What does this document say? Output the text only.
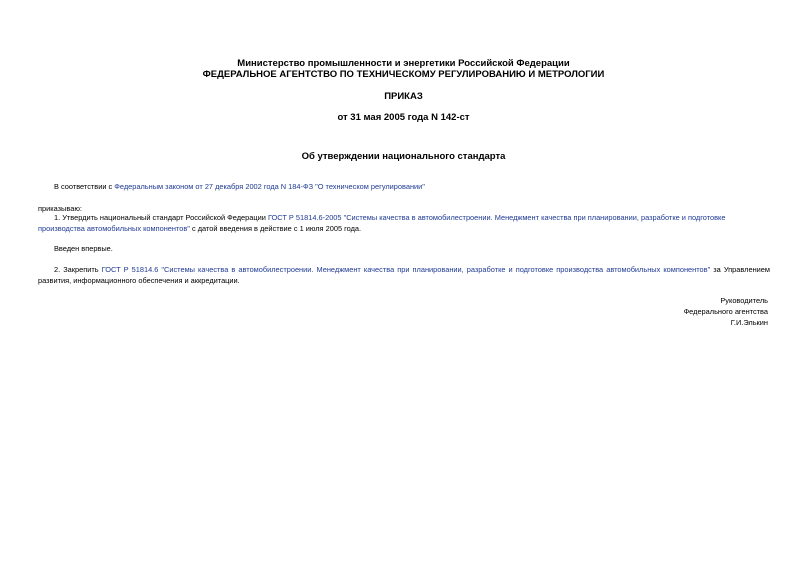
Министерство промышленности и энергетики Российской Федерации
ФЕДЕРАЛЬНОЕ АГЕНТСТВО ПО ТЕХНИЧЕСКОМУ РЕГУЛИРОВАНИЮ И МЕТРОЛОГИИ
ПРИКАЗ
от 31 мая 2005 года N 142-ст
Об утверждении национального стандарта
В соответствии с Федеральным законом от 27 декабря 2002 года N 184-ФЗ "О техническом регулировании"
приказываю:
1. Утвердить национальный стандарт Российской Федерации ГОСТ Р 51814.6-2005 "Системы качества в автомобилестроении. Менеджмент качества при планировании, разработке и подготовке производства автомобильных компонентов" с датой введения в действие с 1 июля 2005 года.
Введен впервые.
2. Закрепить ГОСТ Р 51814.6 "Системы качества в автомобилестроении. Менеджмент качества при планировании, разработке и подготовке производства автомобильных компонентов" за Управлением развития, информационного обеспечения и аккредитации.
Руководитель
Федерального агентства
Г.И.Элькин
